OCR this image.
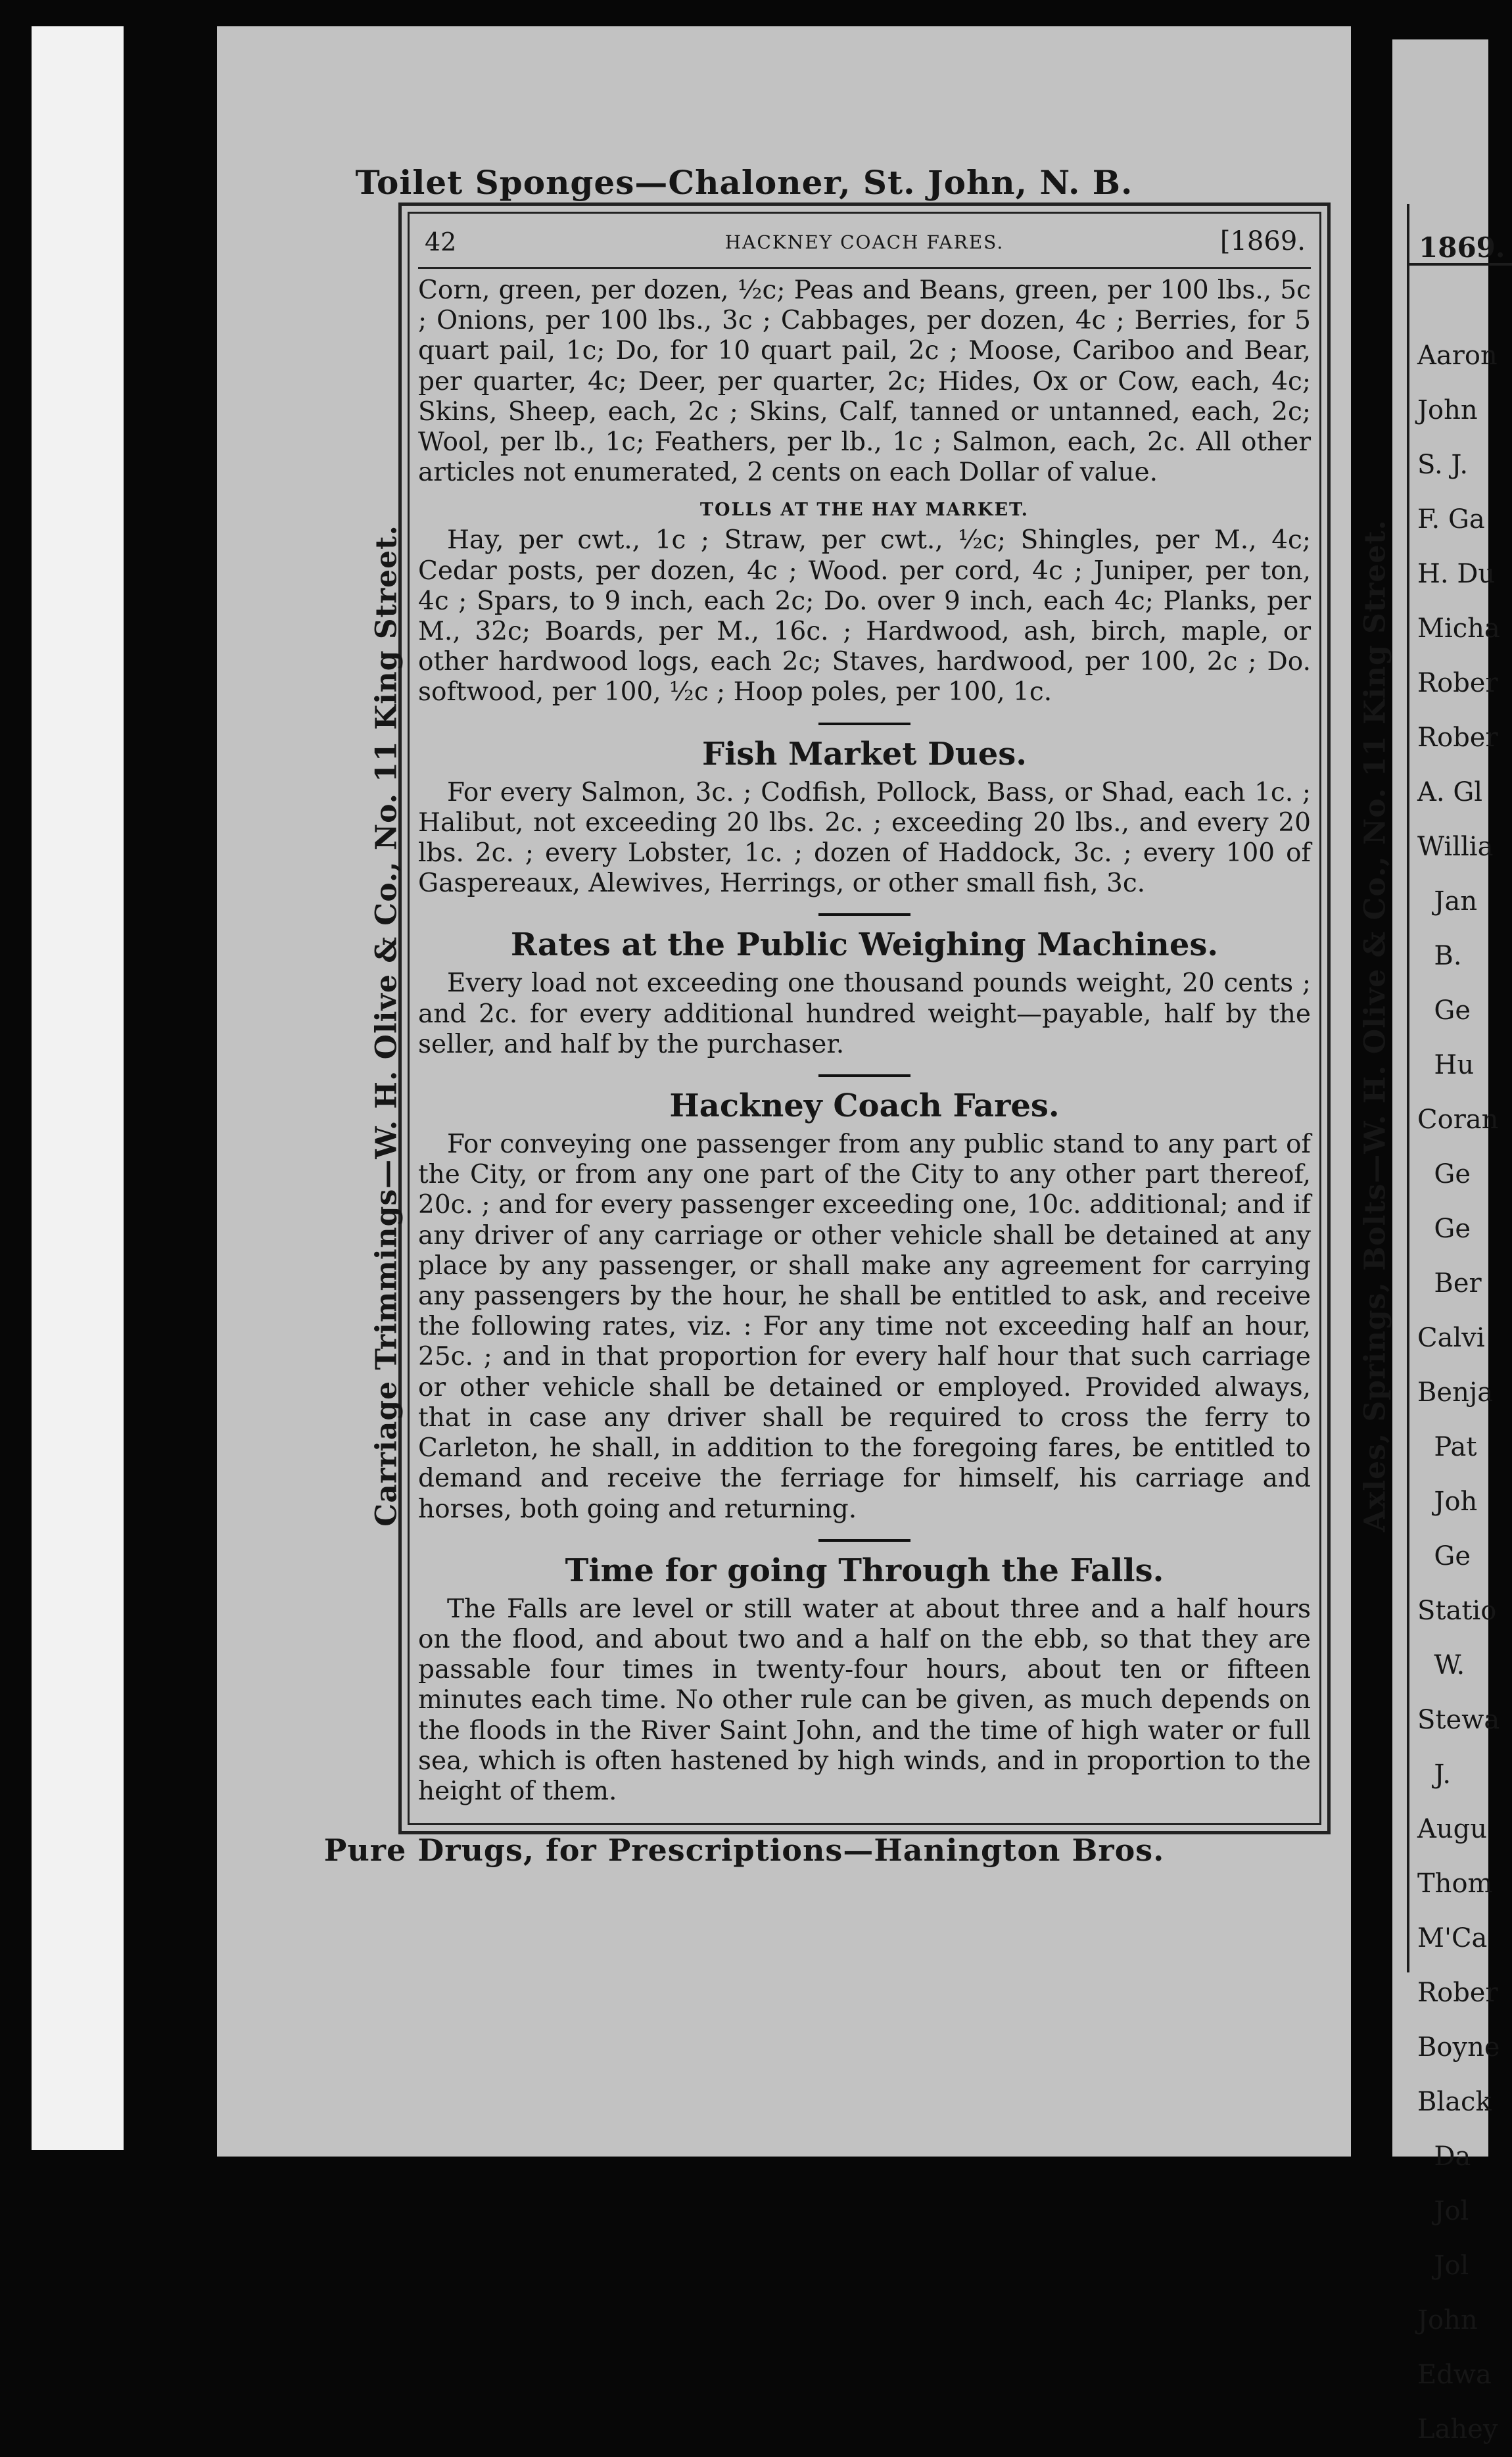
1869.
Aaron
John
S. J.
F. Ga
H. Du
Micha
Rober
Rober
A. Gl
Willia
Jan
B.
Ge
Hu
Coran
Ge
Ge
Ber
Calvi
Benja
Pat
Joh
Ge
Statio
W.
Stewa
J.
Augu
Thom
M'Ca
Rober
Boyne
Black
Da
Jol
Jol
John
Edwa
Lahey
Toilet Sponges—Chaloner, St. John, N. B.
Carriage Trimmings—W. H. Olive & Co., No. 11 King Street.	Axles, Springs, Bolts—W. H. Olive & Co., No. 11 King Street.
42	HACKNEY COACH FARES.	[1869.

Corn, green, per dozen, ½c; Peas and Beans, green, per 100 lbs., 5c ; Onions, per 100 lbs., 3c ; Cabbages, per dozen, 4c ; Berries, for 5 quart pail, 1c; Do, for 10 quart pail, 2c ; Moose, Cariboo and Bear, per quarter, 4c; Deer, per quarter, 2c; Hides, Ox or Cow, each, 4c; Skins, Sheep, each, 2c ; Skins, Calf, tanned or untanned, each, 2c; Wool, per lb., 1c; Feathers, per lb., 1c ; Salmon, each, 2c. All other articles not enumerated, 2 cents on each Dollar of value.

TOLLS AT THE HAY MARKET.

Hay, per cwt., 1c ; Straw, per cwt., ½c; Shingles, per M., 4c; Cedar posts, per dozen, 4c ; Wood. per cord, 4c ; Juniper, per ton, 4c ; Spars, to 9 inch, each 2c; Do. over 9 inch, each 4c; Planks, per M., 32c; Boards, per M., 16c. ; Hardwood, ash, birch, maple, or other hardwood logs, each 2c; Staves, hardwood, per 100, 2c ; Do. softwood, per 100, ½c ; Hoop poles, per 100, 1c.

Fish Market Dues.

For every Salmon, 3c. ; Codfish, Pollock, Bass, or Shad, each 1c. ; Halibut, not exceeding 20 lbs. 2c. ; exceeding 20 lbs., and every 20 lbs. 2c. ; every Lobster, 1c. ; dozen of Haddock, 3c. ; every 100 of Gaspereaux, Alewives, Herrings, or other small fish, 3c.

Rates at the Public Weighing Machines.

Every load not exceeding one thousand pounds weight, 20 cents ; and 2c. for every additional hundred weight—payable, half by the seller, and half by the purchaser.

Hackney Coach Fares.

For conveying one passenger from any public stand to any part of the City, or from any one part of the City to any other part thereof, 20c. ; and for every passenger exceeding one, 10c. additional; and if any driver of any carriage or other vehicle shall be detained at any place by any passenger, or shall make any agreement for carrying any passengers by the hour, he shall be entitled to ask, and receive the following rates, viz. : For any time not exceeding half an hour, 25c. ; and in that proportion for every half hour that such carriage or other vehicle shall be detained or employed. Provided always, that in case any driver shall be required to cross the ferry to Carleton, he shall, in addition to the foregoing fares, be entitled to demand and receive the ferriage for himself, his carriage and horses, both going and returning.

Time for going Through the Falls.

The Falls are level or still water at about three and a half hours on the flood, and about two and a half on the ebb, so that they are passable four times in twenty-four hours, about ten or fifteen minutes each time. No other rule can be given, as much depends on the floods in the River Saint John, and the time of high water or full sea, which is often hastened by high winds, and in proportion to the height of them.

Pure Drugs, for Prescriptions—Hanington Bros.
